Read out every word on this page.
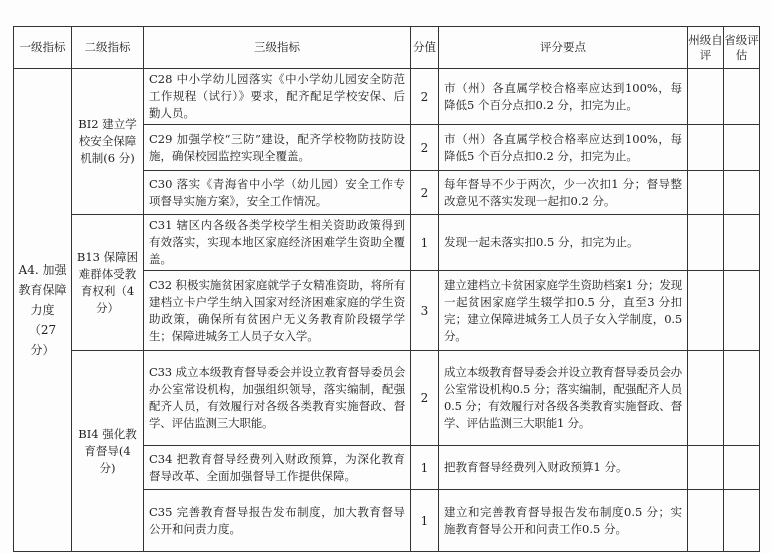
一级指标	二级指标	三级指标	分值	评分要点	州级自评	省级评估

A4. 加强教育保障力度（27 分）	BI2 建立学校安全保障机制(6 分)	C28 中小学幼儿园落实《中小学幼儿园安全防范工作规程（试行）》要求，配齐配足学校安保、后勤人员。	2	市（州）各直属学校合格率应达到100%，每降低5 个百分点扣0.2 分，扣完为止。		

		C29 加强学校“三防”建设，配齐学校物防技防设施，确保校园监控实现全覆盖。	2	市（州）各直属学校合格率应达到100%，每降低5 个百分点扣0.2 分，扣完为止。		

		C30 落实《青海省中小学（幼儿园）安全工作专项督导实施方案》，安全工作情况。	2	每年督导不少于两次，少一次扣1 分；督导整改意见不落实发现一起扣0.2 分。		

	B13 保障困难群体受教育权利（4 分）	C31 辖区内各级各类学校学生相关资助政策得到有效落实，实现本地区家庭经济困难学生资助全覆盖。	1	发现一起未落实扣0.5 分，扣完为止。		

		C32 积极实施贫困家庭就学子女精准资助，将所有建档立卡户学生纳入国家对经济困难家庭的学生资助政策，确保所有贫困户无义务教育阶段辍学学生；保障进城务工人员子女入学。	3	建立建档立卡贫困家庭学生资助档案1 分；发现一起贫困家庭学生辍学扣0.5 分，直至3 分扣完；建立保障进城务工人员子女入学制度，0.5 分。		

	BI4 强化教育督导(4 分)	C33 成立本级教育督导委会并设立教育督导委员会办公室常设机构，加强组织领导，落实编制，配强配齐人员，有效履行对各级各类教育实施督政、督学、评估监测三大职能。	2	成立本级教育督导委会并设立教育督导委员会办公室常设机构0.5 分；落实编制，配强配齐人员0.5 分；有效履行对各级各类教育实施督政、督学、评估监测三大职能1 分。		

		C34 把教育督导经费列入财政预算，为深化教育督导改革、全面加强督导工作提供保障。	1	把教育督导经费列入财政预算1 分。		

		C35 完善教育督导报告发布制度，加大教育督导公开和问责力度。	1	建立和完善教育督导报告发布制度0.5 分；实施教育督导公开和问责工作0.5 分。		
